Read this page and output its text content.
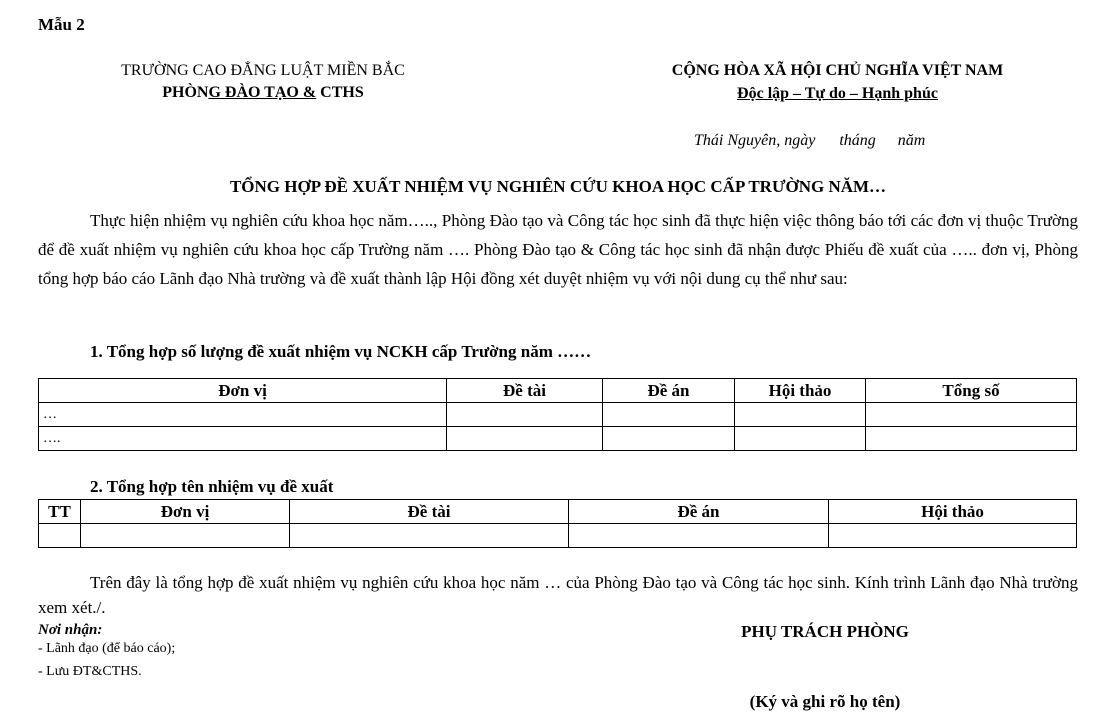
Mẫu 2
TRƯỜNG CAO ĐẲNG LUẬT MIỀN BẮC
PHÒNG ĐÀO TẠO & CTHS
CỘNG HÒA XÃ HỘI CHỦ NGHĨA VIỆT NAM
Độc lập – Tự do – Hạnh phúc
Thái Nguyên, ngày tháng năm
TỔNG HỢP ĐỀ XUẤT NHIỆM VỤ NGHIÊN CỨU KHOA HỌC CẤP TRƯỜNG NĂM…
Thực hiện nhiệm vụ nghiên cứu khoa học năm….., Phòng Đào tạo và Công tác học sinh đã thực hiện việc thông báo tới các đơn vị thuộc Trường để đề xuất nhiệm vụ nghiên cứu khoa học cấp Trường năm …. Phòng Đào tạo & Công tác học sinh đã nhận được Phiếu đề xuất của ….. đơn vị, Phòng tổng hợp báo cáo Lãnh đạo Nhà trường và đề xuất thành lập Hội đồng xét duyệt nhiệm vụ với nội dung cụ thể như sau:
1. Tổng hợp số lượng đề xuất nhiệm vụ NCKH cấp Trường năm ……
Đơn vị	Đề tài	Đề án	Hội thảo	Tổng số
…				
….				
2. Tổng hợp tên nhiệm vụ đề xuất
TT	Đơn vị	Đề tài	Đề án	Hội thảo

Trên đây là tổng hợp đề xuất nhiệm vụ nghiên cứu khoa học năm … của Phòng Đào tạo và Công tác học sinh. Kính trình Lãnh đạo Nhà trường xem xét./.
Nơi nhận:
- Lãnh đạo (để báo cáo);
- Lưu ĐT&CTHS.
PHỤ TRÁCH PHÒNG
(Ký và ghi rõ họ tên)
